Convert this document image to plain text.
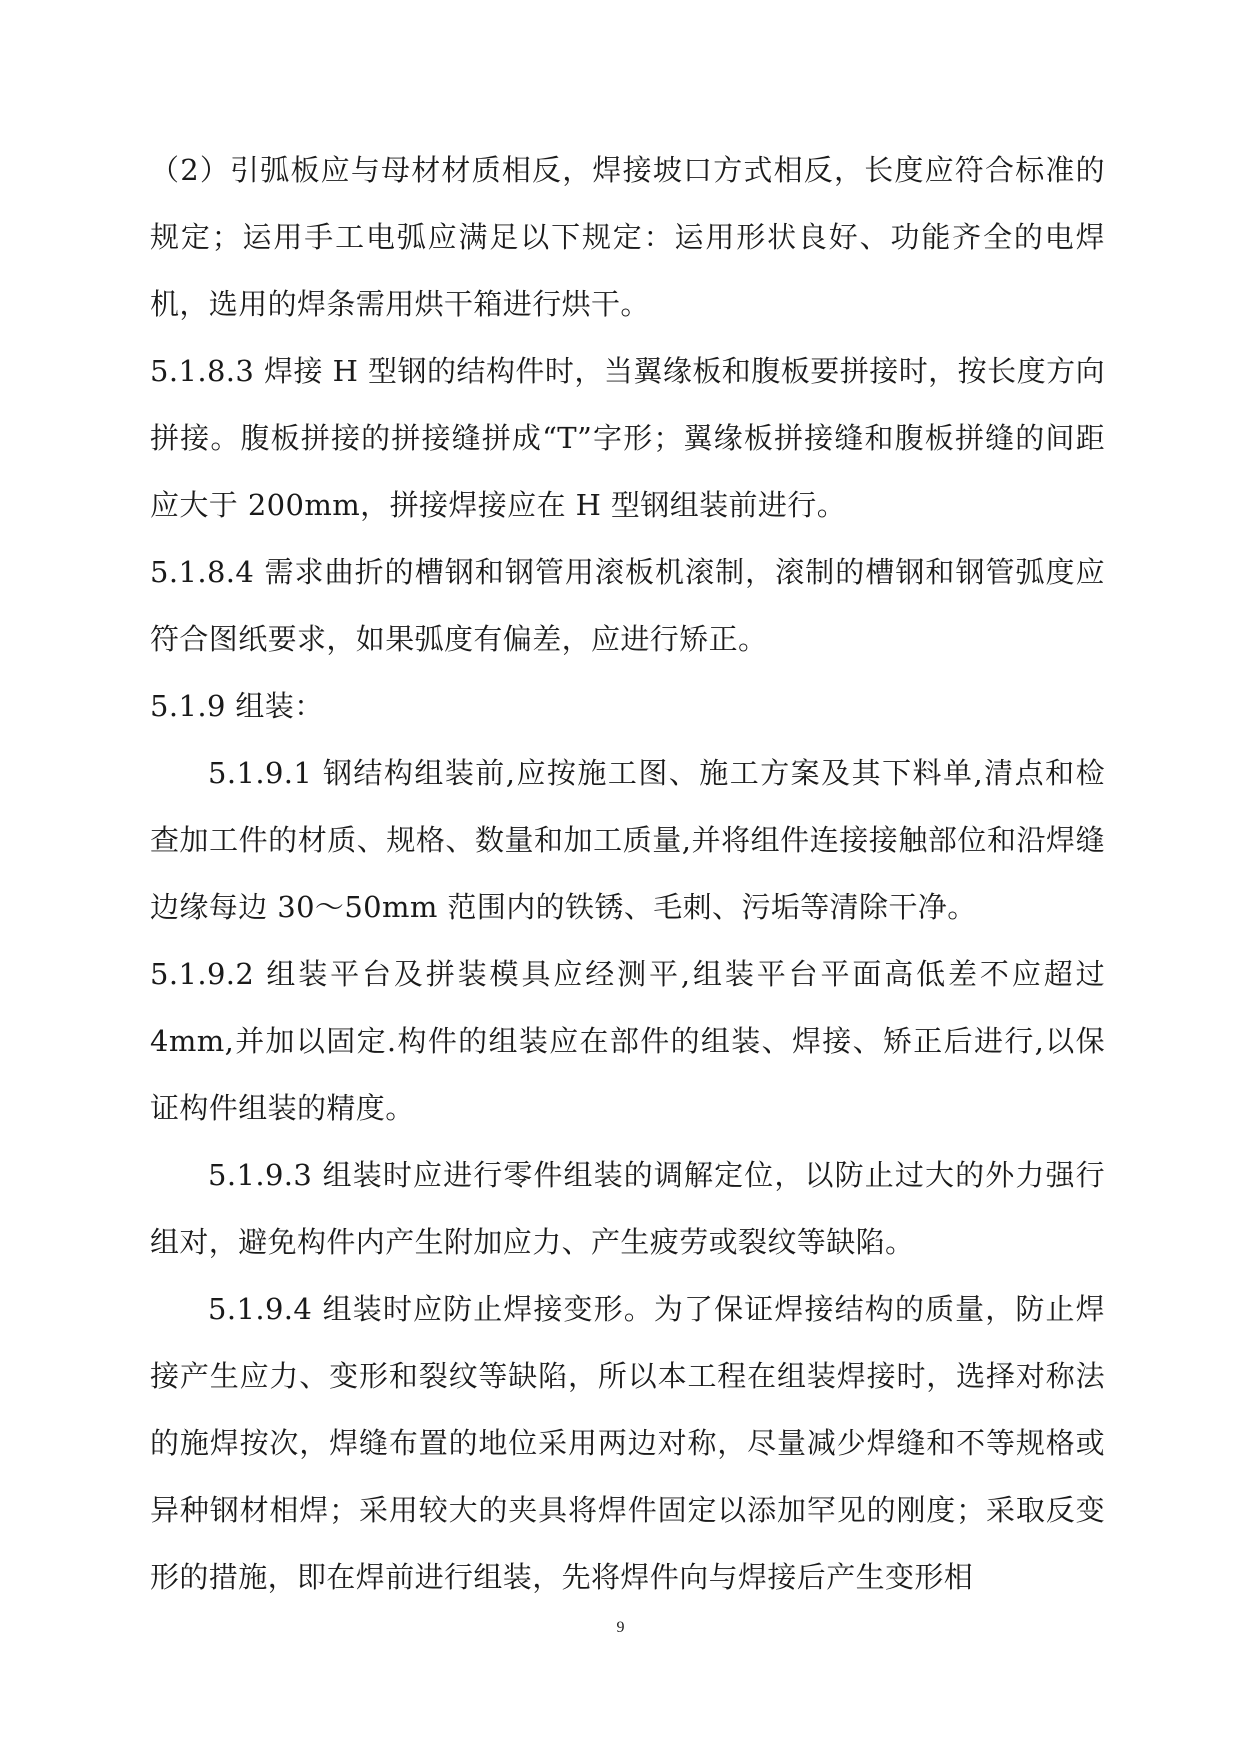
（2）引弧板应与母材材质相反，焊接坡口方式相反，长度应符合标准的规定；运用手工电弧应满足以下规定：运用形状良好、功能齐全的电焊机，选用的焊条需用烘干箱进行烘干。

5.1.8.3 焊接 H 型钢的结构件时，当翼缘板和腹板要拼接时，按长度方向拼接。腹板拼接的拼接缝拼成“T”字形；翼缘板拼接缝和腹板拼缝的间距应大于 200mm，拼接焊接应在 H 型钢组装前进行。

5.1.8.4 需求曲折的槽钢和钢管用滚板机滚制，滚制的槽钢和钢管弧度应符合图纸要求，如果弧度有偏差，应进行矫正。

5.1.9 组装：

5.1.9.1 钢结构组装前,应按施工图、施工方案及其下料单,清点和检查加工件的材质、规格、数量和加工质量,并将组件连接接触部位和沿焊缝边缘每边 30～50mm 范围内的铁锈、毛刺、污垢等清除干净。

5.1.9.2 组装平台及拼装模具应经测平,组装平台平面高低差不应超过 4mm,并加以固定.构件的组装应在部件的组装、焊接、矫正后进行,以保证构件组装的精度。

5.1.9.3 组装时应进行零件组装的调解定位，以防止过大的外力强行组对，避免构件内产生附加应力、产生疲劳或裂纹等缺陷。

5.1.9.4 组装时应防止焊接变形。为了保证焊接结构的质量，防止焊接产生应力、变形和裂纹等缺陷，所以本工程在组装焊接时，选择对称法的施焊按次，焊缝布置的地位采用两边对称，尽量减少焊缝和不等规格或异种钢材相焊；采用较大的夹具将焊件固定以添加罕见的刚度；采取反变形的措施，即在焊前进行组装，先将焊件向与焊接后产生变形相

9
